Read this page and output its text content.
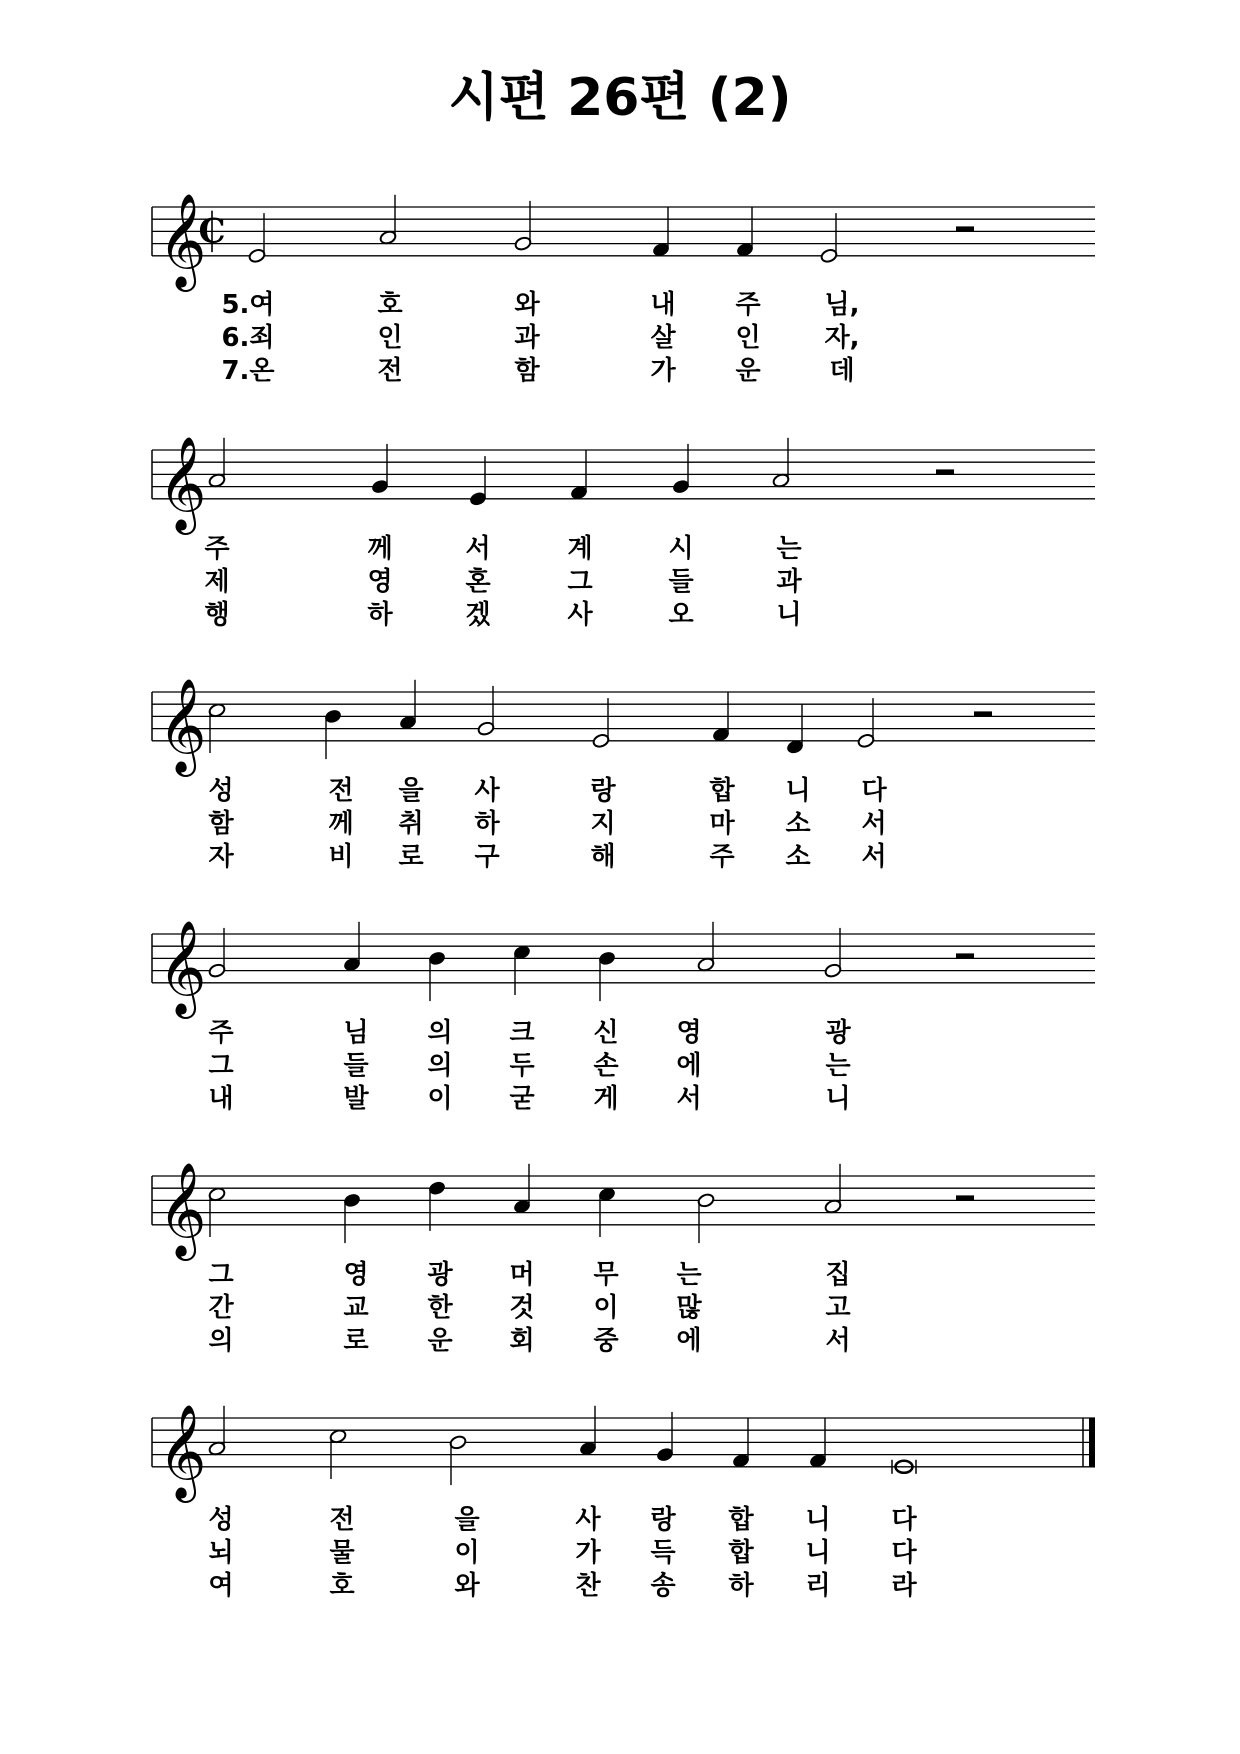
시편 26편 (2)
𝄞
C
𝄞
𝄞
𝄞
𝄞
𝄞
5.여	호	와	내 주 님,
6.죄	인	과	살 인 자,
7.온	전	함	가 운	데
주	께	서	계	시	는
제	영	혼	그	들	과
행	하	겠	사	오	니
성	전 을 사	랑	합 니 다
함	께 취 하	지	마 소 서
자	비 로 구	해	주 소 서
주	님 의 크 신 영	광
그	들 의 두 손 에	는
내	발 이 굳 게 서	니
그	영 광 머 무 는	집
간	교 한 것 이 많	고
의	로 운 회 중 에	서
성	전	을	사 랑 합 니 다
뇌	물	이	가 득 합 니 다
여	호	와	찬 송 하 리 라
